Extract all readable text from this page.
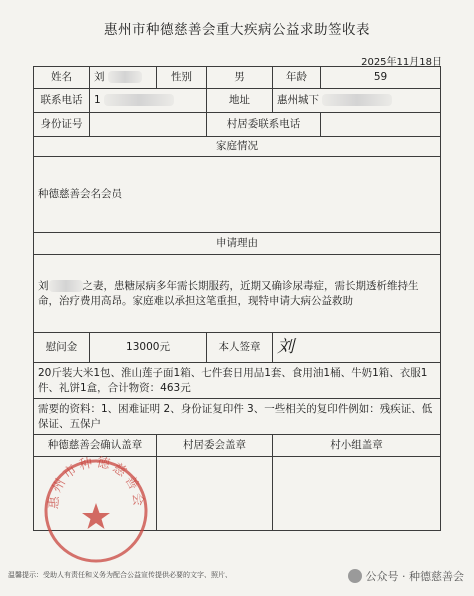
惠州市种德慈善会重大疾病公益求助签收表
2025年11月18日
姓名	刘	性别	男	年龄	59
联系电话	1		地址	惠州城下	
身份证号			村居委联系电话		
家庭情况					
种德慈善会名会员					
申请理由					
刘 之妻，患糖尿病多年需长期服药，近期又确诊尿毒症，需长期透析维持生命，治疗费用高昂。家庭难以承担这笔重担，现特申请大病公益救助					
慰问金	13000元		本人签章	刘	
20斤装大米1包、淮山莲子面1箱、七件套日用品1套、食用油1桶、牛奶1箱、衣服1件、礼饼1盒，合计物资：463元					
需要的资料：1、困难证明 2、身份证复印件 3、一些相关的复印件例如：残疾证、低保证、五保户					
种德慈善会确认盖章		村居委会盖章		村小组盖章	

惠州市种德慈善会
温馨提示：受助人有责任和义务为配合公益宣传提供必要的文字、照片、	公众号 · 种德慈善会
